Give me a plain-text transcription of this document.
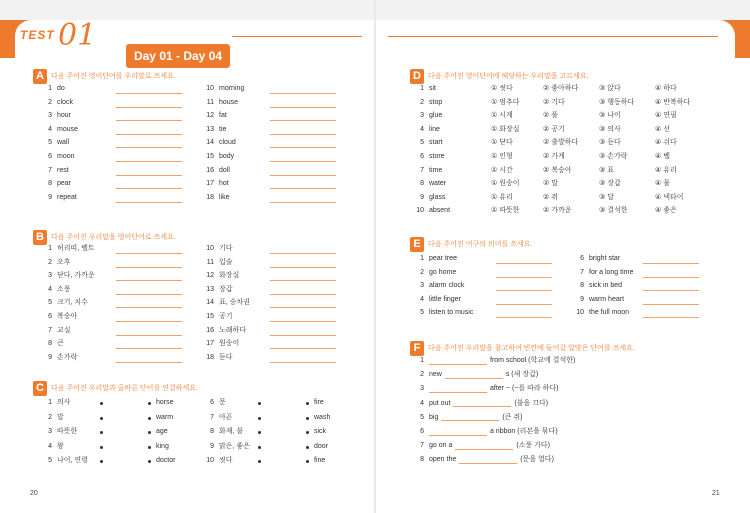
TEST 01
Day 01 - Day 04
A	다음 주어진 영어단어를 우리말로 쓰세요.
1 do
2 clock
3 hour
4 mouse
5 wall
6 moon
7 rest
8 pear
9 repeat
10 morning
11 house
12 fat
13 tie
14 cloud
15 body
16 doll
17 hot
18 like
B	다음 주어진 우리말을 영어단어로 쓰세요.
1 허리띠, 벨트
2 오후
3 닫다, 가까운
4 소풍
5 크기, 치수
6 복숭아
7 교실
8 큰
9 손가락
10 기다
11 입술
12 화장실
13 장갑
14 표, 승차권
15 공기
16 노래하다
17 원숭이
18 듣다
C	다음 주어진 우리말과 올바른 단어를 연결하세요.
1 의사	horse
2 말	warm
3 따뜻한	age
4 왕	king
5 나이, 연령	doctor
6 문	fire
7 아픈	wash
8 화재, 불	sick
9 맑은, 좋은	door
10 씻다	fine
D	다음 주어진 영어단어에 해당하는 우리말을 고르세요.
1 sit	① 씻다	② 좋아하다	③ 앉다	④ 하다
2 stop	① 멈추다	② 기다	③ 행동하다	④ 반복하다
3 glue	① 시계	② 풀	③ 나이	④ 연필
4 line	① 화장실	② 공기	③ 의사	④ 선
5 start	① 닫다	② 출발하다	③ 듣다	④ 쉬다
6 store	① 인형	② 가게	③ 손가락	④ 벨
7 time	① 시간	② 복숭아	③ 표	④ 유리
8 water	① 원숭이	② 말	③ 장갑	④ 물
9 glass	① 유리	② 쥐	③ 달	④ 넥타이
10 absent	① 따뜻한	② 가까운	③ 결석한	④ 좋은
E	다음 주어진 어구의 의미를 쓰세요.
1 pear tree
2 go home
3 alarm clock
4 little finger
5 listen to music
6 bright star
7 for a long time
8 sick in bed
9 warm heart
10 the full moon
F	다음 주어진 우리말을 참고하여 빈칸에 들어갈 알맞은 단어를 쓰세요.
1	from school (학교에 결석한)
2 new	s (새 장갑)
3	after ~ (~를 따라 하다)
4 put out	(불을 끄다)
5 big	(큰 쥐)
6	a ribbon (리본을 묶다)
7 go on a	(소풍 가다)
8 open the	(문을 열다)
20	21
